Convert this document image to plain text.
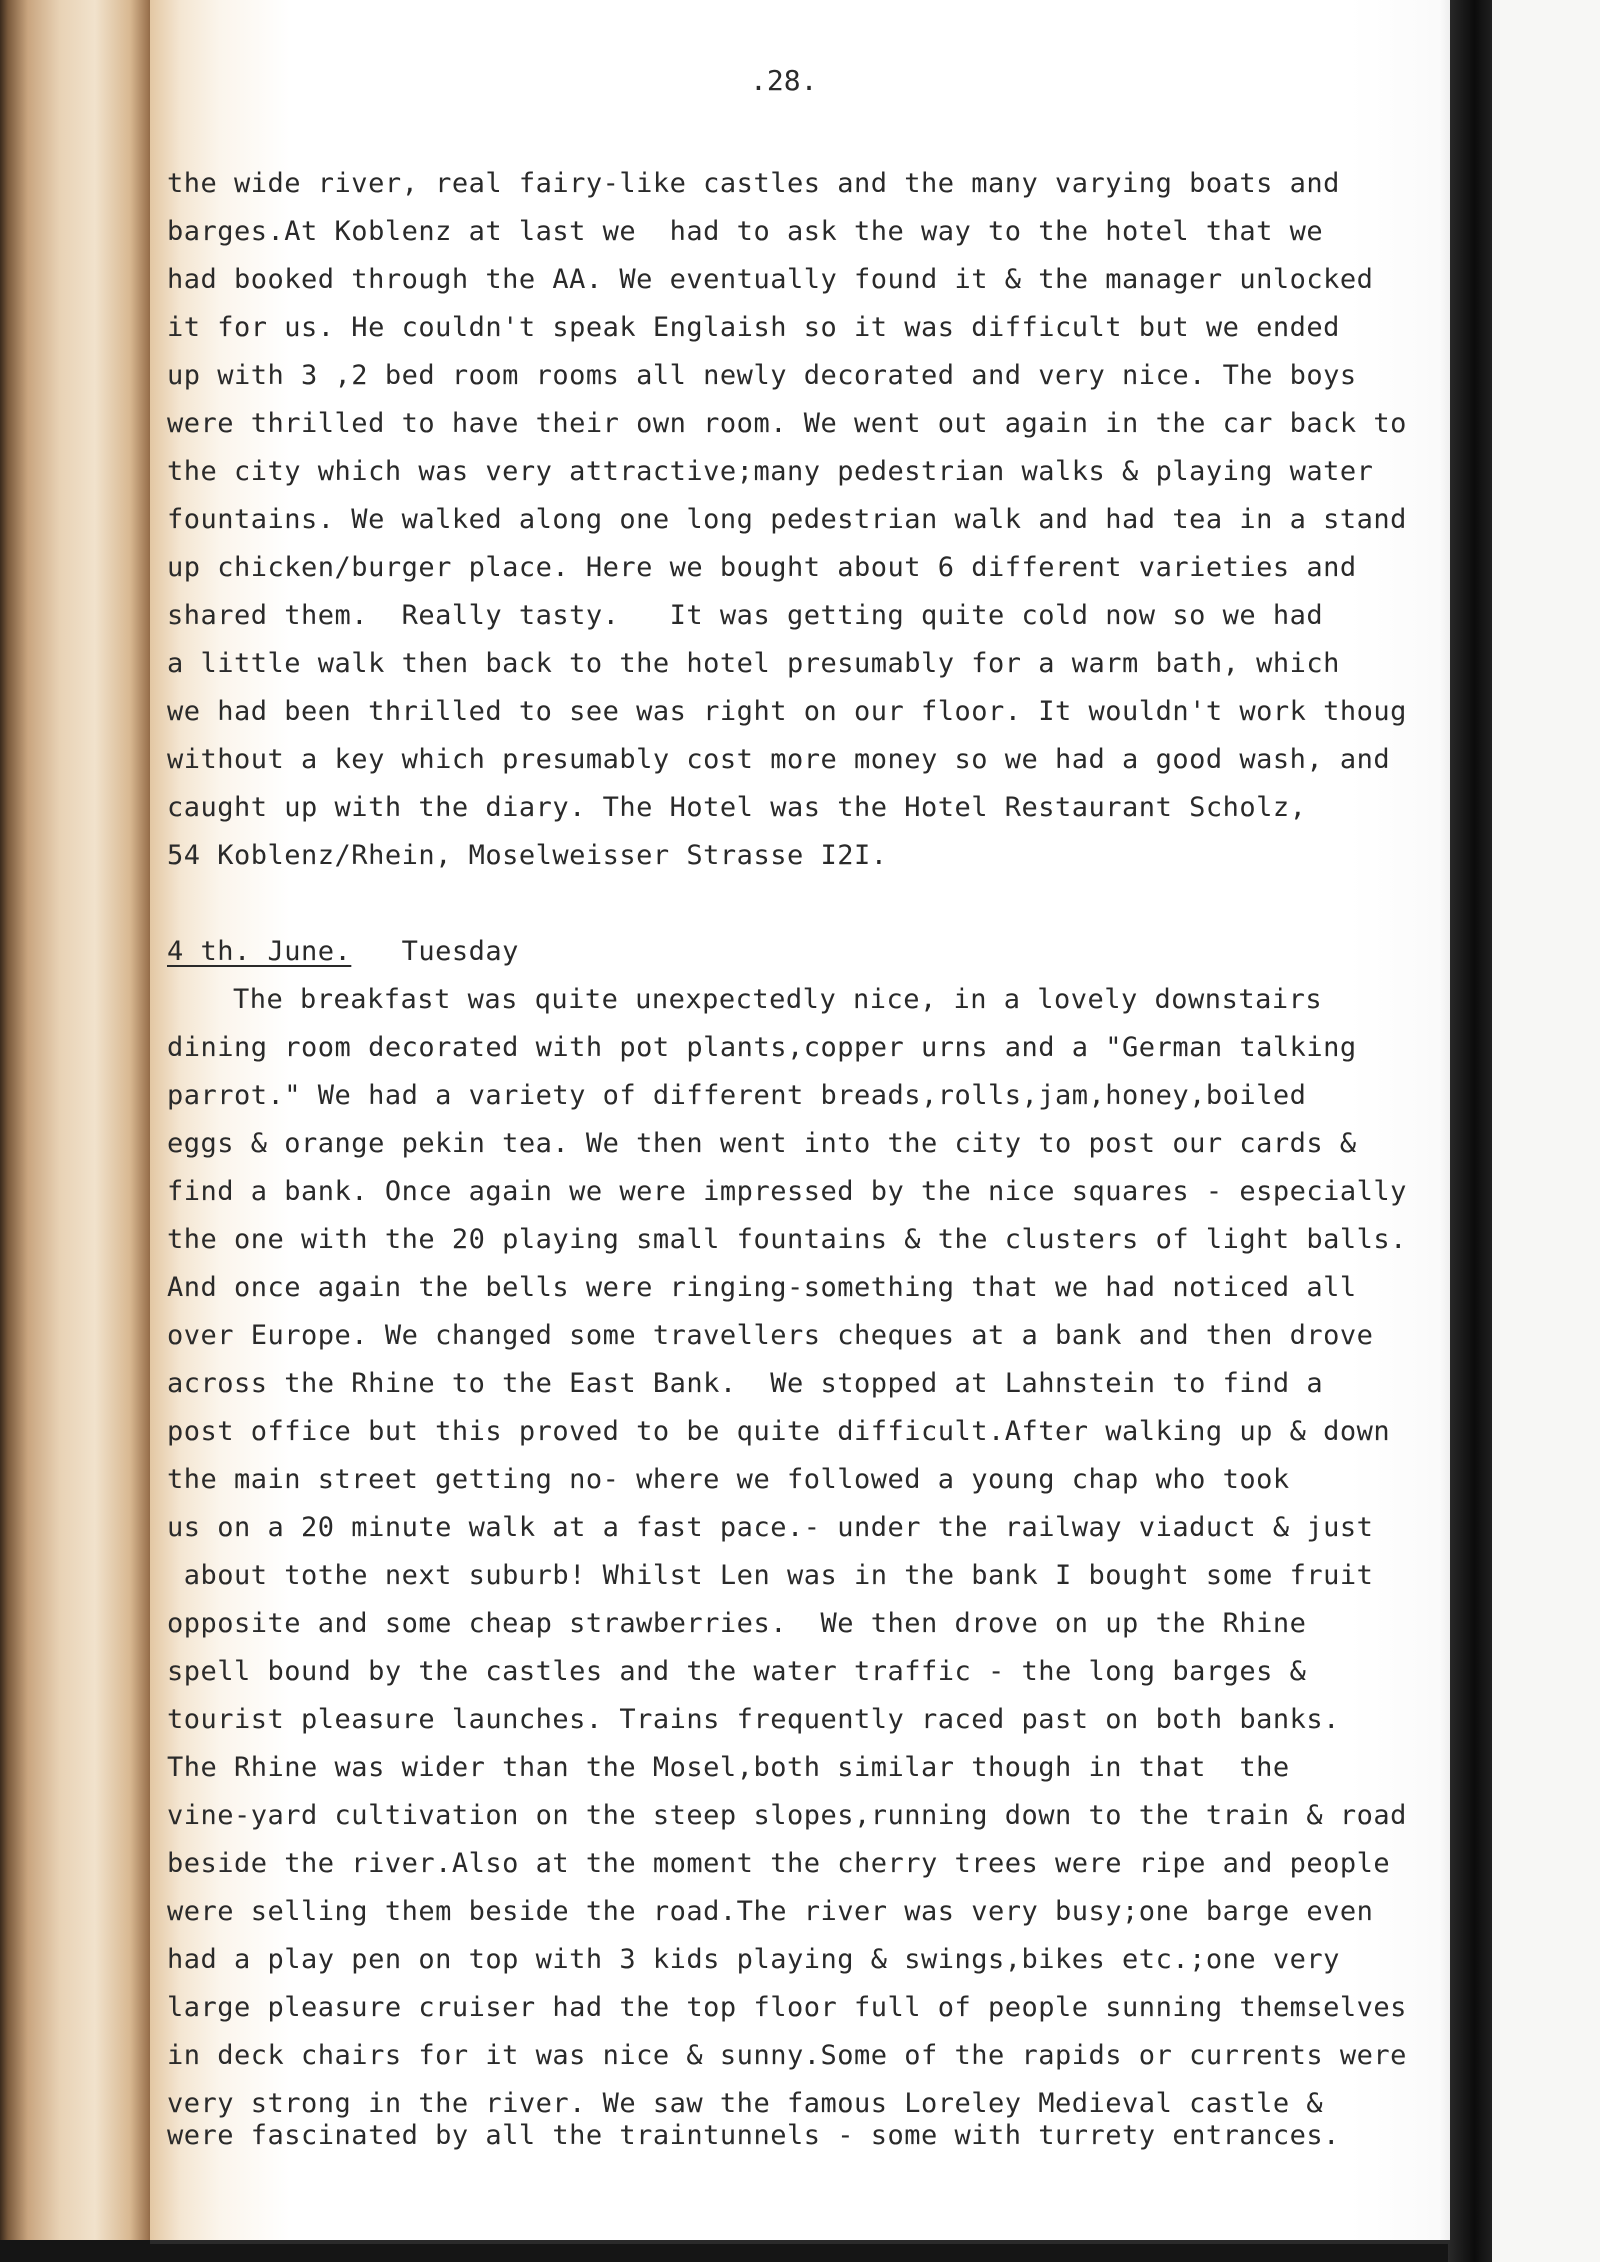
.28.
the wide river, real fairy-like castles and the many varying boats and
barges.At Koblenz at last we  had to ask the way to the hotel that we
had booked through the AA. We eventually found it & the manager unlocked
it for us. He couldn't speak Englaish so it was difficult but we ended
up with 3 ,2 bed room rooms all newly decorated and very nice. The boys
were thrilled to have their own room. We went out again in the car back to
the city which was very attractive;many pedestrian walks & playing water
fountains. We walked along one long pedestrian walk and had tea in a stand
up chicken/burger place. Here we bought about 6 different varieties and
shared them.  Really tasty.   It was getting quite cold now so we had
a little walk then back to the hotel presumably for a warm bath, which
we had been thrilled to see was right on our floor. It wouldn't work thoug
without a key which presumably cost more money so we had a good wash, and
caught up with the diary. The Hotel was the Hotel Restaurant Scholz,
54 Koblenz/Rhein, Moselweisser Strasse I2I.
4 th. June. Tuesday
The breakfast was quite unexpectedly nice, in a lovely downstairs
dining room decorated with pot plants,copper urns and a "German talking
parrot." We had a variety of different breads,rolls,jam,honey,boiled
eggs & orange pekin tea. We then went into the city to post our cards &
find a bank. Once again we were impressed by the nice squares - especially
the one with the 20 playing small fountains & the clusters of light balls.
And once again the bells were ringing-something that we had noticed all
over Europe. We changed some travellers cheques at a bank and then drove
across the Rhine to the East Bank.  We stopped at Lahnstein to find a
post office but this proved to be quite difficult.After walking up & down
the main street getting no- where we followed a young chap who took
us on a 20 minute walk at a fast pace.- under the railway viaduct & just
about tothe next suburb! Whilst Len was in the bank I bought some fruit
opposite and some cheap strawberries.  We then drove on up the Rhine
spell bound by the castles and the water traffic - the long barges &
tourist pleasure launches. Trains frequently raced past on both banks.
The Rhine was wider than the Mosel,both similar though in that  the
vine-yard cultivation on the steep slopes,running down to the train & road
beside the river.Also at the moment the cherry trees were ripe and people
were selling them beside the road.The river was very busy;one barge even
had a play pen on top with 3 kids playing & swings,bikes etc.;one very
large pleasure cruiser had the top floor full of people sunning themselves
in deck chairs for it was nice & sunny.Some of the rapids or currents were
very strong in the river. We saw the famous Loreley Medieval castle &
were fascinated by all the traintunnels - some with turrety entrances.
